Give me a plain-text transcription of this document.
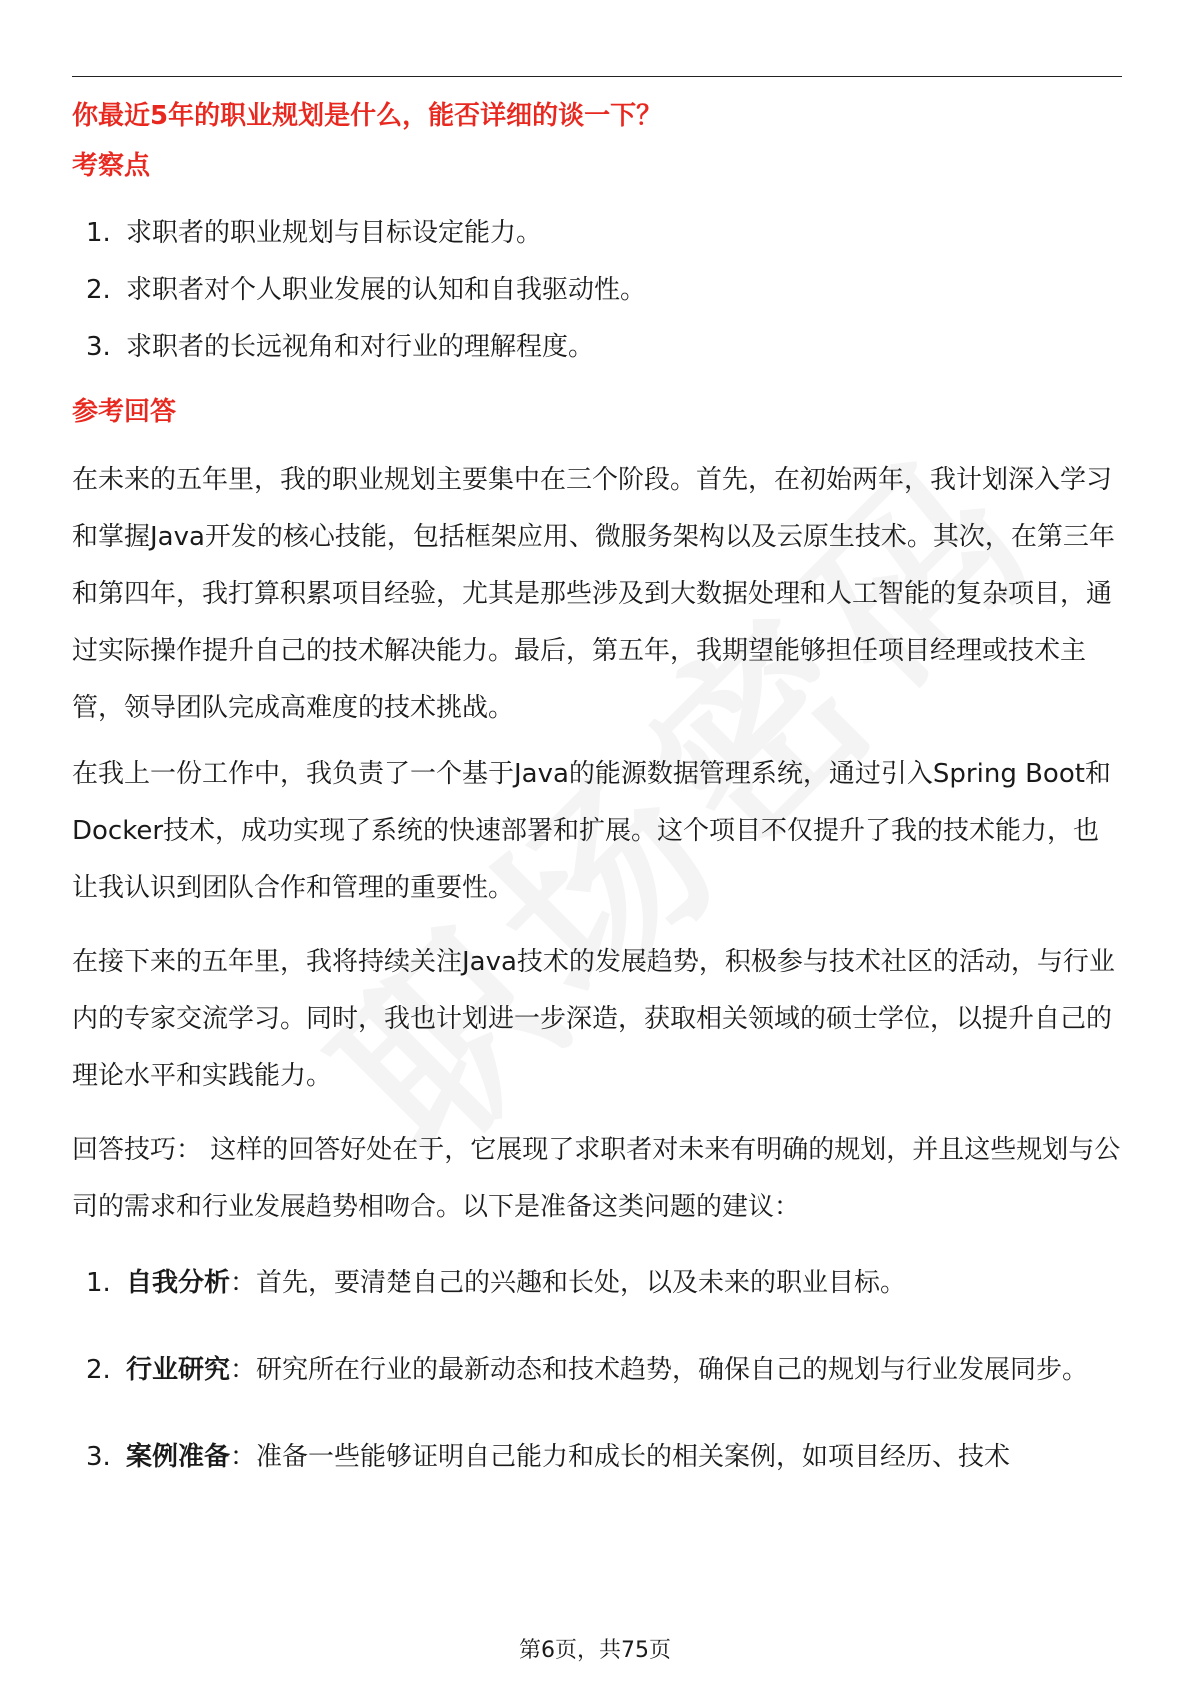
你最近5年的职业规划是什么，能否详细的谈一下？
考察点
1. 求职者的职业规划与目标设定能力。
2. 求职者对个人职业发展的认知和自我驱动性。
3. 求职者的长远视角和对行业的理解程度。
参考回答

在未来的五年里，我的职业规划主要集中在三个阶段。首先，在初始两年，我计划深入学习和掌握Java开发的核心技能，包括框架应用、微服务架构以及云原生技术。其次，在第三年和第四年，我打算积累项目经验，尤其是那些涉及到大数据处理和人工智能的复杂项目，通过实际操作提升自己的技术解决能力。最后，第五年，我期望能够担任项目经理或技术主管，领导团队完成高难度的技术挑战。

在我上一份工作中，我负责了一个基于Java的能源数据管理系统，通过引入Spring Boot和Docker技术，成功实现了系统的快速部署和扩展。这个项目不仅提升了我的技术能力，也让我认识到团队合作和管理的重要性。

在接下来的五年里，我将持续关注Java技术的发展趋势，积极参与技术社区的活动，与行业内的专家交流学习。同时，我也计划进一步深造，获取相关领域的硕士学位，以提升自己的理论水平和实践能力。

回答技巧： 这样的回答好处在于，它展现了求职者对未来有明确的规划，并且这些规划与公司的需求和行业发展趋势相吻合。以下是准备这类问题的建议：

1. 自我分析：首先，要清楚自己的兴趣和长处，以及未来的职业目标。
2. 行业研究：研究所在行业的最新动态和技术趋势，确保自己的规划与行业发展同步。
3. 案例准备：准备一些能够证明自己能力和成长的相关案例，如项目经历、技术
第6页，共75页
